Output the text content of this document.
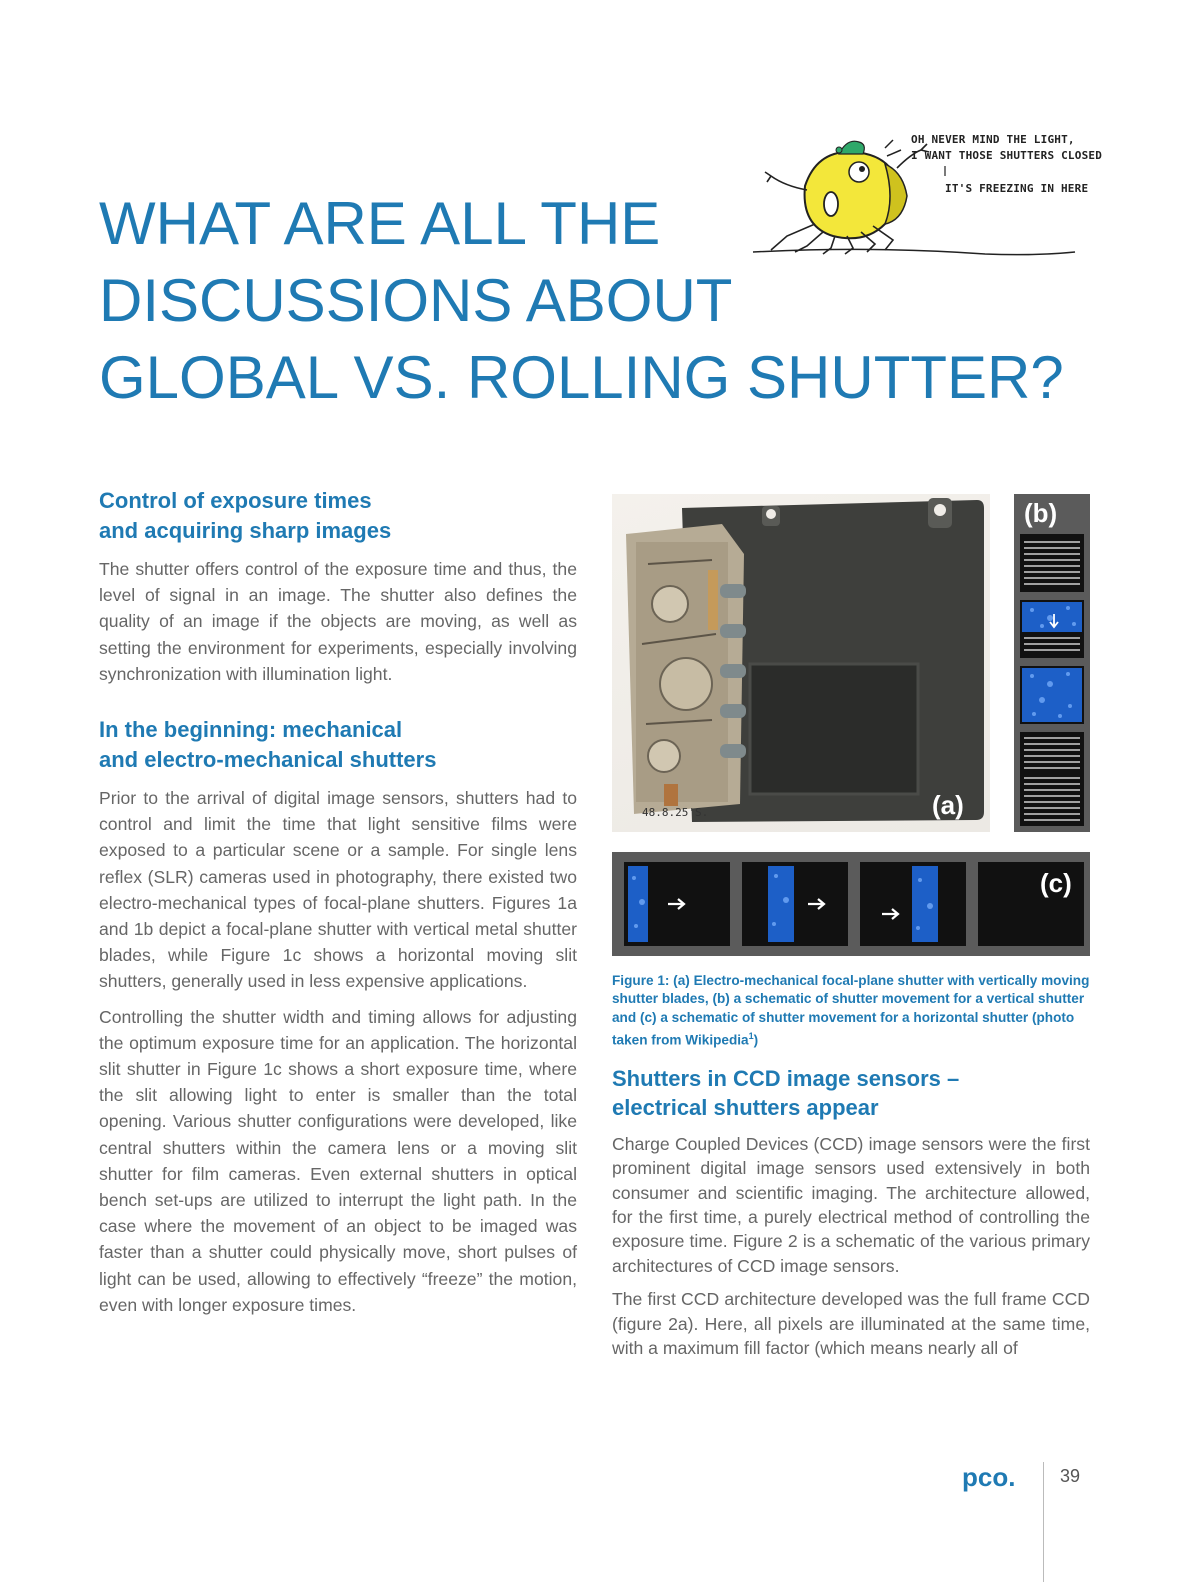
OH NEVER MIND THE LIGHT,
I WANT THOSE SHUTTERS CLOSED
IT'S FREEZING IN HERE
WHAT ARE ALL THE
DISCUSSIONS ABOUT
GLOBAL VS. ROLLING SHUTTER?
Control of exposure times
and acquiring sharp images

The shutter offers control of the exposure time and thus, the level of signal in an image. The shutter also defines the quality of an image if the objects are moving, as well as setting the environment for experiments, especially involving synchronization with illumination light.

In the beginning: mechanical
and electro-mechanical shutters

Prior to the arrival of digital image sensors, shutters had to control and limit the time that light sensitive films were exposed to a particular scene or a sample. For single lens reflex (SLR) cameras used in photography, there existed two electro-mechanical types of focal-plane shutters. Figures 1a and 1b depict a focal-plane shutter with vertical metal shutter blades, while Figure 1c shows a horizontal moving slit shutters, generally used in less expensive applications.

Controlling the shutter width and timing allows for adjusting the optimum exposure time for an application. The horizontal slit shutter in Figure 1c shows a short exposure time, where the slit allowing light to enter is smaller than the total opening. Various shutter configurations were developed, like central shutters within the camera lens or a moving slit shutter for film cameras. Even external shutters in optical bench set-ups are utilized to interrupt the light path. In the case where the movement of an object to be imaged was faster than a shutter could physically move, short pulses of light can be used, allowing to effectively “freeze” the motion, even with longer exposure times.

48.8.25'S.	(a)
(b)
(c)

Figure 1: (a) Electro-mechanical focal-plane shutter with vertically moving shutter blades, (b) a schematic of shutter movement for a vertical shutter and (c) a schematic of shutter movement for a horizontal shutter (photo taken from Wikipedia$^1$)

Shutters in CCD image sensors –
electrical shutters appear

Charge Coupled Devices (CCD) image sensors were the first prominent digital image sensors used extensively in both consumer and scientific imaging. The architecture allowed, for the first time, a purely electrical method of controlling the exposure time. Figure 2 is a schematic of the various primary architectures of CCD image sensors.

The first CCD architecture developed was the full frame CCD (figure 2a). Here, all pixels are illuminated at the same time, with a maximum fill factor (which means nearly all of

pco. 39
